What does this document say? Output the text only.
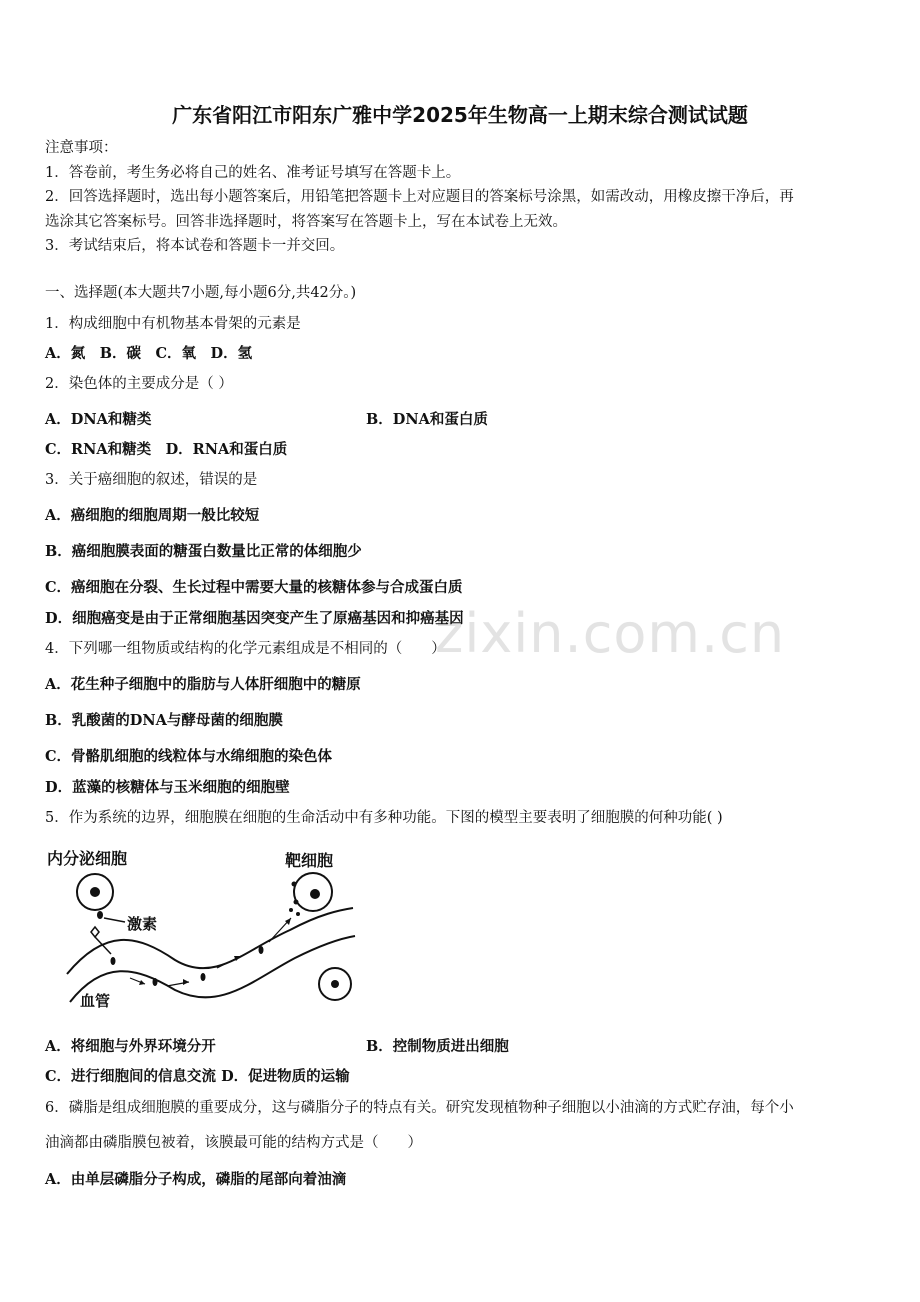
zixin.com.cn
广东省阳江市阳东广雅中学2025年生物高一上期末综合测试试题
注意事项：
1．答卷前，考生务必将自己的姓名、准考证号填写在答题卡上。
2．回答选择题时，选出每小题答案后，用铅笔把答题卡上对应题目的答案标号涂黑，如需改动，用橡皮擦干净后，再
选涂其它答案标号。回答非选择题时，将答案写在答题卡上，写在本试卷上无效。
3．考试结束后，将本试卷和答题卡一并交回。
一、选择题(本大题共7小题,每小题6分,共42分。)
1．构成细胞中有机物基本骨架的元素是
A．氮　B．碳　C．氧　D．氢
2．染色体的主要成分是（ ）
A．DNA和糖类	B．DNA和蛋白质
C．RNA和糖类　D．RNA和蛋白质
3．关于癌细胞的叙述，错误的是
A．癌细胞的细胞周期一般比较短
B．癌细胞膜表面的糖蛋白数量比正常的体细胞少
C．癌细胞在分裂、生长过程中需要大量的核糖体参与合成蛋白质
D．细胞癌变是由于正常细胞基因突变产生了原癌基因和抑癌基因
4．下列哪一组物质或结构的化学元素组成是不相同的（　　）
A．花生种子细胞中的脂肪与人体肝细胞中的糖原
B．乳酸菌的DNA与酵母菌的细胞膜
C．骨骼肌细胞的线粒体与水绵细胞的染色体
D．蓝藻的核糖体与玉米细胞的细胞壁
5．作为系统的边界，细胞膜在细胞的生命活动中有多种功能。下图的模型主要表明了细胞膜的何种功能( )
内分泌细胞	靶细胞
激素
血管
A．将细胞与外界环境分开	B．控制物质进出细胞
C．进行细胞间的信息交流 D．促进物质的运输
6．磷脂是组成细胞膜的重要成分，这与磷脂分子的特点有关。研究发现植物种子细胞以小油滴的方式贮存油，每个小
油滴都由磷脂膜包被着，该膜最可能的结构方式是（　　）
A．由单层磷脂分子构成，磷脂的尾部向着油滴
